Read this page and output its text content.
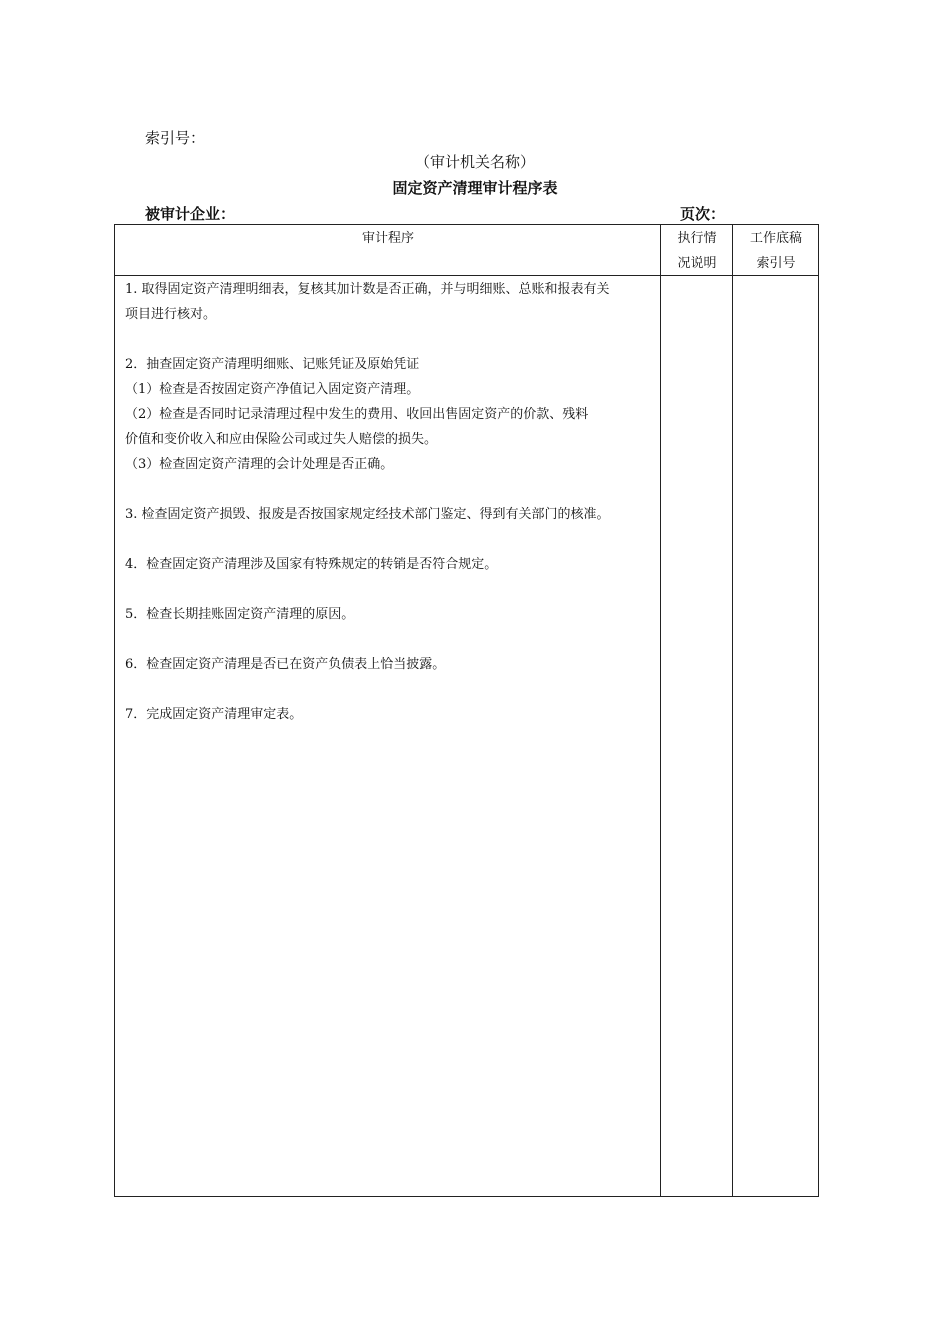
索引号：
（审计机关名称）
固定资产清理审计程序表
被审计企业：	页次：
审计程序	执行情
况说明
工作底稿
索引号

1. 取得固定资产清理明细表，复核其加计数是否正确，并与明细账、总账和报表有关

项目进行核对。

2．抽查固定资产清理明细账、记账凭证及原始凭证

（1）检查是否按固定资产净值记入固定资产清理。

（2）检查是否同时记录清理过程中发生的费用、收回出售固定资产的价款、残料

价值和变价收入和应由保险公司或过失人赔偿的损失。

（3）检查固定资产清理的会计处理是否正确。

3. 检查固定资产损毁、报废是否按国家规定经技术部门鉴定、得到有关部门的核准。

4．检查固定资产清理涉及国家有特殊规定的转销是否符合规定。

5．检查长期挂账固定资产清理的原因。

6．检查固定资产清理是否已在资产负债表上恰当披露。

7．完成固定资产清理审定表。
